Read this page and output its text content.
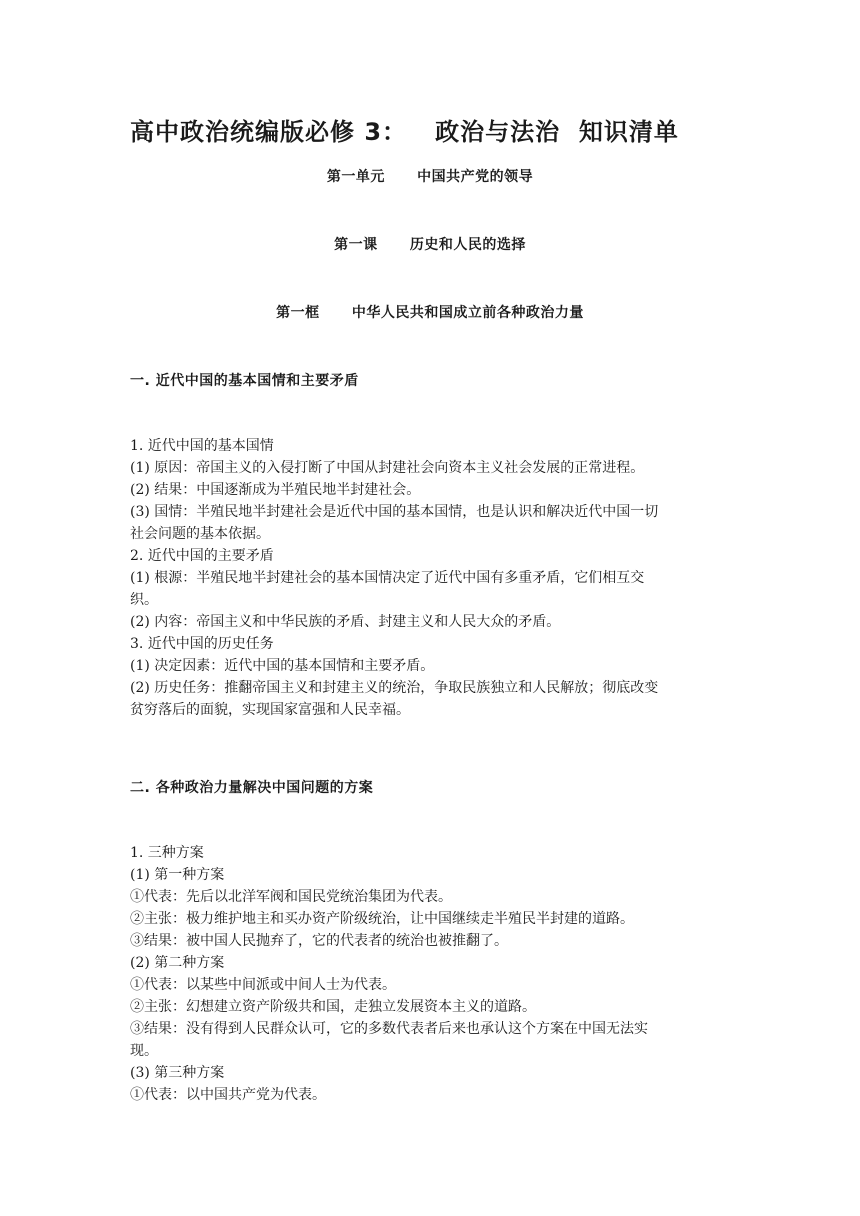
高中政治统编版必修 3：   政治与法治  知识清单
第一单元      中国共产党的领导
第一课      历史和人民的选择
第一框      中华人民共和国成立前各种政治力量
一. 近代中国的基本国情和主要矛盾

1. 近代中国的基本国情

(1) 原因：帝国主义的入侵打断了中国从封建社会向资本主义社会发展的正常进程。

(2) 结果：中国逐渐成为半殖民地半封建社会。

(3) 国情：半殖民地半封建社会是近代中国的基本国情，也是认识和解决近代中国一切

社会问题的基本依据。

2. 近代中国的主要矛盾

(1) 根源：半殖民地半封建社会的基本国情决定了近代中国有多重矛盾，它们相互交

织。

(2) 内容：帝国主义和中华民族的矛盾、封建主义和人民大众的矛盾。

3. 近代中国的历史任务

(1) 决定因素：近代中国的基本国情和主要矛盾。

(2) 历史任务：推翻帝国主义和封建主义的统治，争取民族独立和人民解放；彻底改变

贫穷落后的面貌，实现国家富强和人民幸福。

二. 各种政治力量解决中国问题的方案

1. 三种方案

(1) 第一种方案

①代表：先后以北洋军阀和国民党统治集团为代表。

②主张：极力维护地主和买办资产阶级统治，让中国继续走半殖民半封建的道路。

③结果：被中国人民抛弃了，它的代表者的统治也被推翻了。

(2) 第二种方案

①代表：以某些中间派或中间人士为代表。

②主张：幻想建立资产阶级共和国，走独立发展资本主义的道路。

③结果：没有得到人民群众认可，它的多数代表者后来也承认这个方案在中国无法实

现。

(3) 第三种方案

①代表：以中国共产党为代表。
